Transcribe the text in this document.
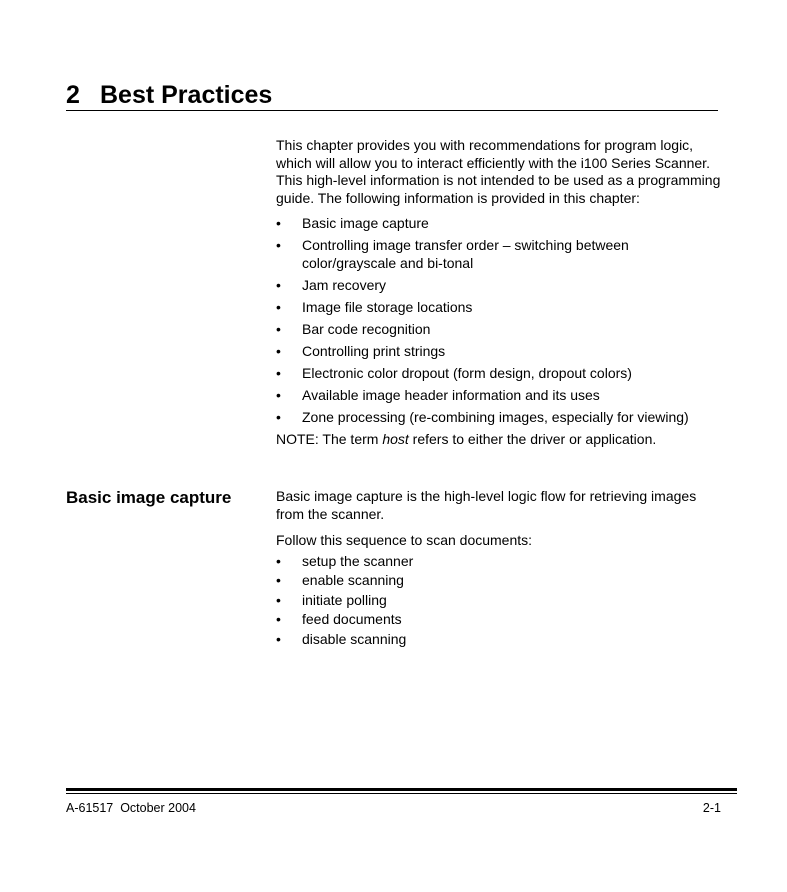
2 Best Practices

This chapter provides you with recommendations for program logic, which will allow you to interact efficiently with the i100 Series Scanner. This high-level information is not intended to be used as a programming guide. The following information is provided in this chapter:

• Basic image capture
• Controlling image transfer order – switching between color/grayscale and bi-tonal
• Jam recovery
• Image file storage locations
• Bar code recognition
• Controlling print strings
• Electronic color dropout (form design, dropout colors)
• Available image header information and its uses
• Zone processing (re-combining images, especially for viewing)

NOTE: The term host refers to either the driver or application.

Basic image capture	Basic image capture is the high-level logic flow for retrieving images from the scanner.

Follow this sequence to scan documents:

• setup the scanner
• enable scanning
• initiate polling
• feed documents
• disable scanning
A-61517  October 2004	2-1
